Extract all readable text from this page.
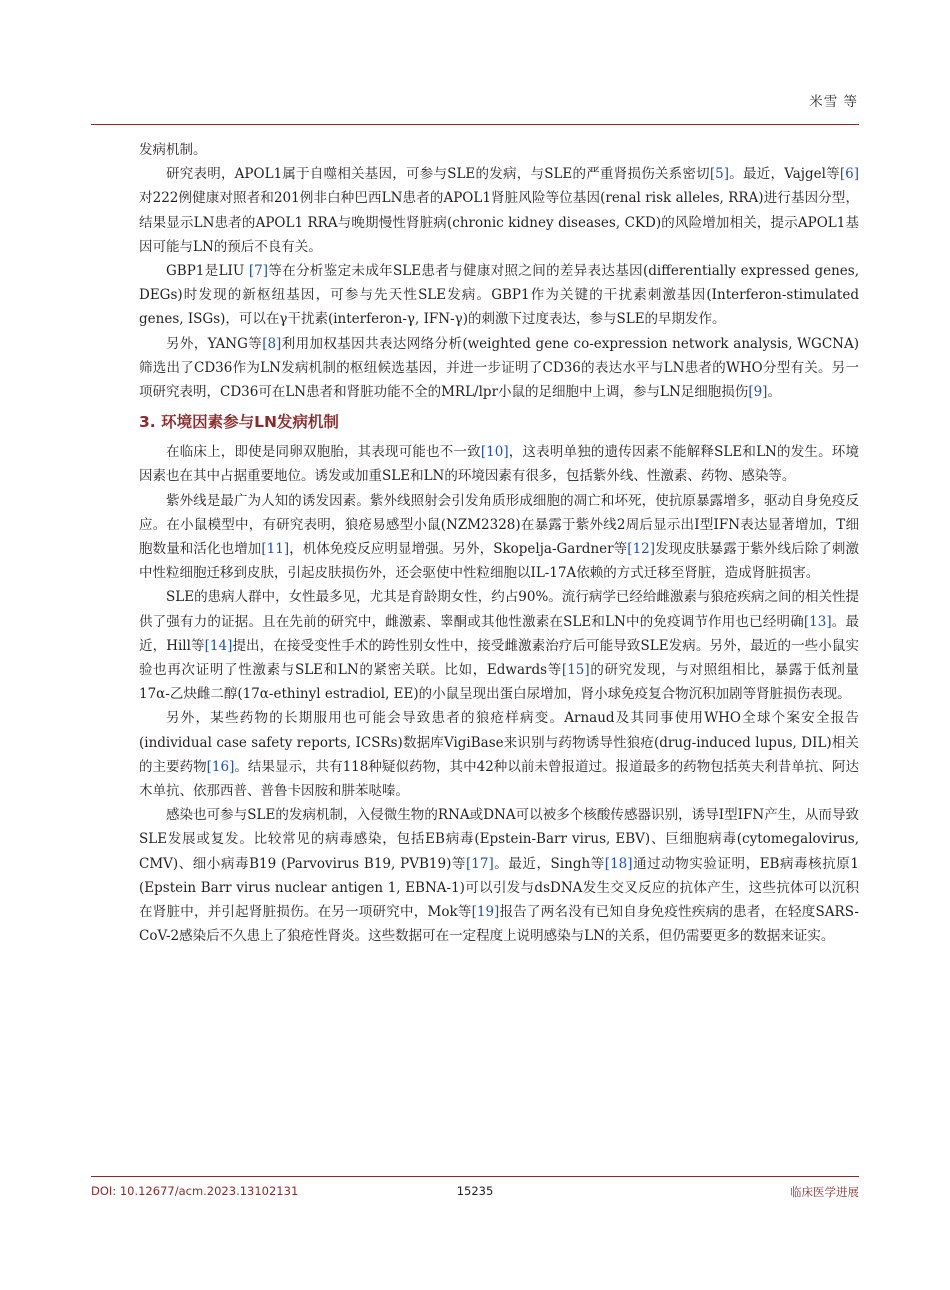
米雪 等

发病机制。

研究表明，APOL1属于自噬相关基因，可参与SLE的发病，与SLE的严重肾损伤关系密切[5]。最近，Vajgel等[6]对222例健康对照者和201例非白种巴西LN患者的APOL1肾脏风险等位基因(renal risk alleles, RRA)进行基因分型，结果显示LN患者的APOL1 RRA与晚期慢性肾脏病(chronic kidney diseases, CKD)的风险增加相关，提示APOL1基因可能与LN的预后不良有关。

GBP1是LIU [7]等在分析鉴定未成年SLE患者与健康对照之间的差异表达基因(differentially expressed genes, DEGs)时发现的新枢纽基因，可参与先天性SLE发病。GBP1作为关键的干扰素刺激基因(Interferon-stimulated genes, ISGs)，可以在γ干扰素(interferon-γ, IFN-γ)的刺激下过度表达，参与SLE的早期发作。

另外，YANG等[8]利用加权基因共表达网络分析(weighted gene co-expression network analysis, WGCNA)筛选出了CD36作为LN发病机制的枢纽候选基因，并进一步证明了CD36的表达水平与LN患者的WHO分型有关。另一项研究表明，CD36可在LN患者和肾脏功能不全的MRL/lpr小鼠的足细胞中上调，参与LN足细胞损伤[9]。

3. 环境因素参与LN发病机制

在临床上，即使是同卵双胞胎，其表现可能也不一致[10]，这表明单独的遗传因素不能解释SLE和LN的发生。环境因素也在其中占据重要地位。诱发或加重SLE和LN的环境因素有很多，包括紫外线、性激素、药物、感染等。

紫外线是最广为人知的诱发因素。紫外线照射会引发角质形成细胞的凋亡和坏死，使抗原暴露增多，驱动自身免疫反应。在小鼠模型中，有研究表明，狼疮易感型小鼠(NZM2328)在暴露于紫外线2周后显示出I型IFN表达显著增加，T细胞数量和活化也增加[11]，机体免疫反应明显增强。另外，Skopelja-Gardner等[12]发现皮肤暴露于紫外线后除了刺激中性粒细胞迁移到皮肤，引起皮肤损伤外，还会驱使中性粒细胞以IL-17A依赖的方式迁移至肾脏，造成肾脏损害。

SLE的患病人群中，女性最多见，尤其是育龄期女性，约占90%。流行病学已经给雌激素与狼疮疾病之间的相关性提供了强有力的证据。且在先前的研究中，雌激素、睾酮或其他性激素在SLE和LN中的免疫调节作用也已经明确[13]。最近，Hill等[14]提出，在接受变性手术的跨性别女性中，接受雌激素治疗后可能导致SLE发病。另外，最近的一些小鼠实验也再次证明了性激素与SLE和LN的紧密关联。比如，Edwards等[15]的研究发现，与对照组相比，暴露于低剂量17α-乙炔雌二醇(17α-ethinyl estradiol, EE)的小鼠呈现出蛋白尿增加，肾小球免疫复合物沉积加剧等肾脏损伤表现。

另外，某些药物的长期服用也可能会导致患者的狼疮样病变。Arnaud及其同事使用WHO全球个案安全报告(individual case safety reports, ICSRs)数据库VigiBase来识别与药物诱导性狼疮(drug-induced lupus, DIL)相关的主要药物[16]。结果显示，共有118种疑似药物，其中42种以前未曾报道过。报道最多的药物包括英夫利昔单抗、阿达木单抗、依那西普、普鲁卡因胺和肼苯哒嗪。

感染也可参与SLE的发病机制，入侵微生物的RNA或DNA可以被多个核酸传感器识别，诱导I型IFN产生，从而导致SLE发展或复发。比较常见的病毒感染，包括EB病毒(Epstein-Barr virus, EBV)、巨细胞病毒(cytomegalovirus, CMV)、细小病毒B19 (Parvovirus B19, PVB19)等[17]。最近，Singh等[18]通过动物实验证明，EB病毒核抗原1 (Epstein Barr virus nuclear antigen 1, EBNA-1)可以引发与dsDNA发生交叉反应的抗体产生，这些抗体可以沉积在肾脏中，并引起肾脏损伤。在另一项研究中，Mok等[19]报告了两名没有已知自身免疫性疾病的患者，在轻度SARS-CoV-2感染后不久患上了狼疮性肾炎。这些数据可在一定程度上说明感染与LN的关系，但仍需要更多的数据来证实。

DOI: 10.12677/acm.2023.13102131	15235	临床医学进展
